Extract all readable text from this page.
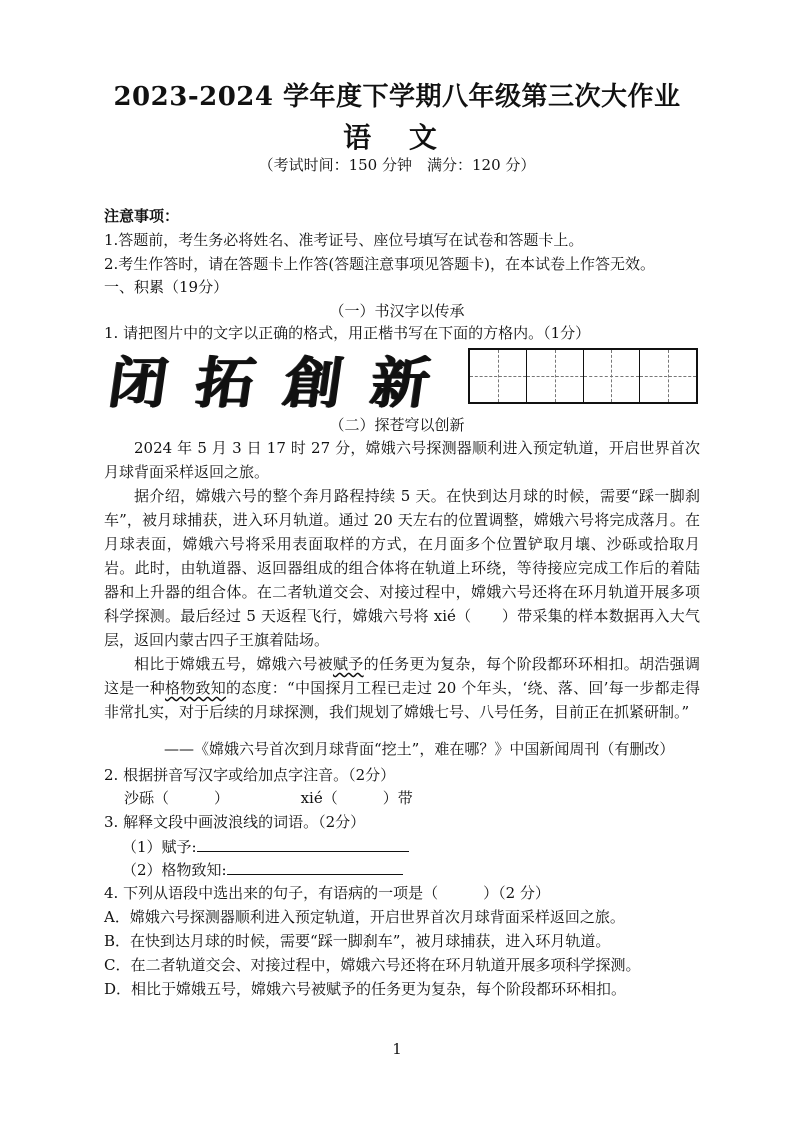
2023-2024 学年度下学期八年级第三次大作业
语 文
（考试时间：150 分钟　满分：120 分）
注意事项：
1.答题前，考生务必将姓名、准考证号、座位号填写在试卷和答题卡上。
2.考生作答时，请在答题卡上作答(答题注意事项见答题卡)，在本试卷上作答无效。
一、积累（19分）
（一）书汉字以传承
1. 请把图片中的文字以正确的格式，用正楷书写在下面的方格内。（1分）
闭 拓 創 新
（二）探苍穹以创新

2024 年 5 月 3 日 17 时 27 分，嫦娥六号探测器顺利进入预定轨道，开启世界首次月球背面采样返回之旅。

据介绍，嫦娥六号的整个奔月路程持续 5 天。在快到达月球的时候，需要“踩一脚刹车”，被月球捕获，进入环月轨道。通过 20 天左右的位置调整，嫦娥六号将完成落月。在月球表面，嫦娥六号将采用表面取样的方式，在月面多个位置铲取月壤、沙砾或拾取月岩。此时，由轨道器、返回器组成的组合体将在轨道上环绕，等待接应完成工作后的着陆器和上升器的组合体。在二者轨道交会、对接过程中，嫦娥六号还将在环月轨道开展多项科学探测。最后经过 5 天返程飞行，嫦娥六号将 xié（　　）带采集的样本数据再入大气层，返回内蒙古四子王旗着陆场。

相比于嫦娥五号，嫦娥六号被赋予的任务更为复杂，每个阶段都环环相扣。胡浩强调这是一种格物致知的态度：“中国探月工程已走过 20 个年头，‘绕、落、回’每一步都走得非常扎实，对于后续的月球探测，我们规划了嫦娥七号、八号任务，目前正在抓紧研制。”

——《嫦娥六号首次到月球背面“挖土”，难在哪？》中国新闻周刊（有删改）
2. 根据拼音写汉字或给加点字注音。（2分）
沙砾（　　　）	xié（　　　）带
3. 解释文段中画波浪线的词语。（2分）
（1）赋予:
（2）格物致知:
4. 下列从语段中选出来的句子，有语病的一项是（　　　）（2 分）
A．嫦娥六号探测器顺利进入预定轨道，开启世界首次月球背面采样返回之旅。
B．在快到达月球的时候，需要“踩一脚刹车”，被月球捕获，进入环月轨道。
C．在二者轨道交会、对接过程中，嫦娥六号还将在环月轨道开展多项科学探测。
D．相比于嫦娥五号，嫦娥六号被赋予的任务更为复杂，每个阶段都环环相扣。
1
